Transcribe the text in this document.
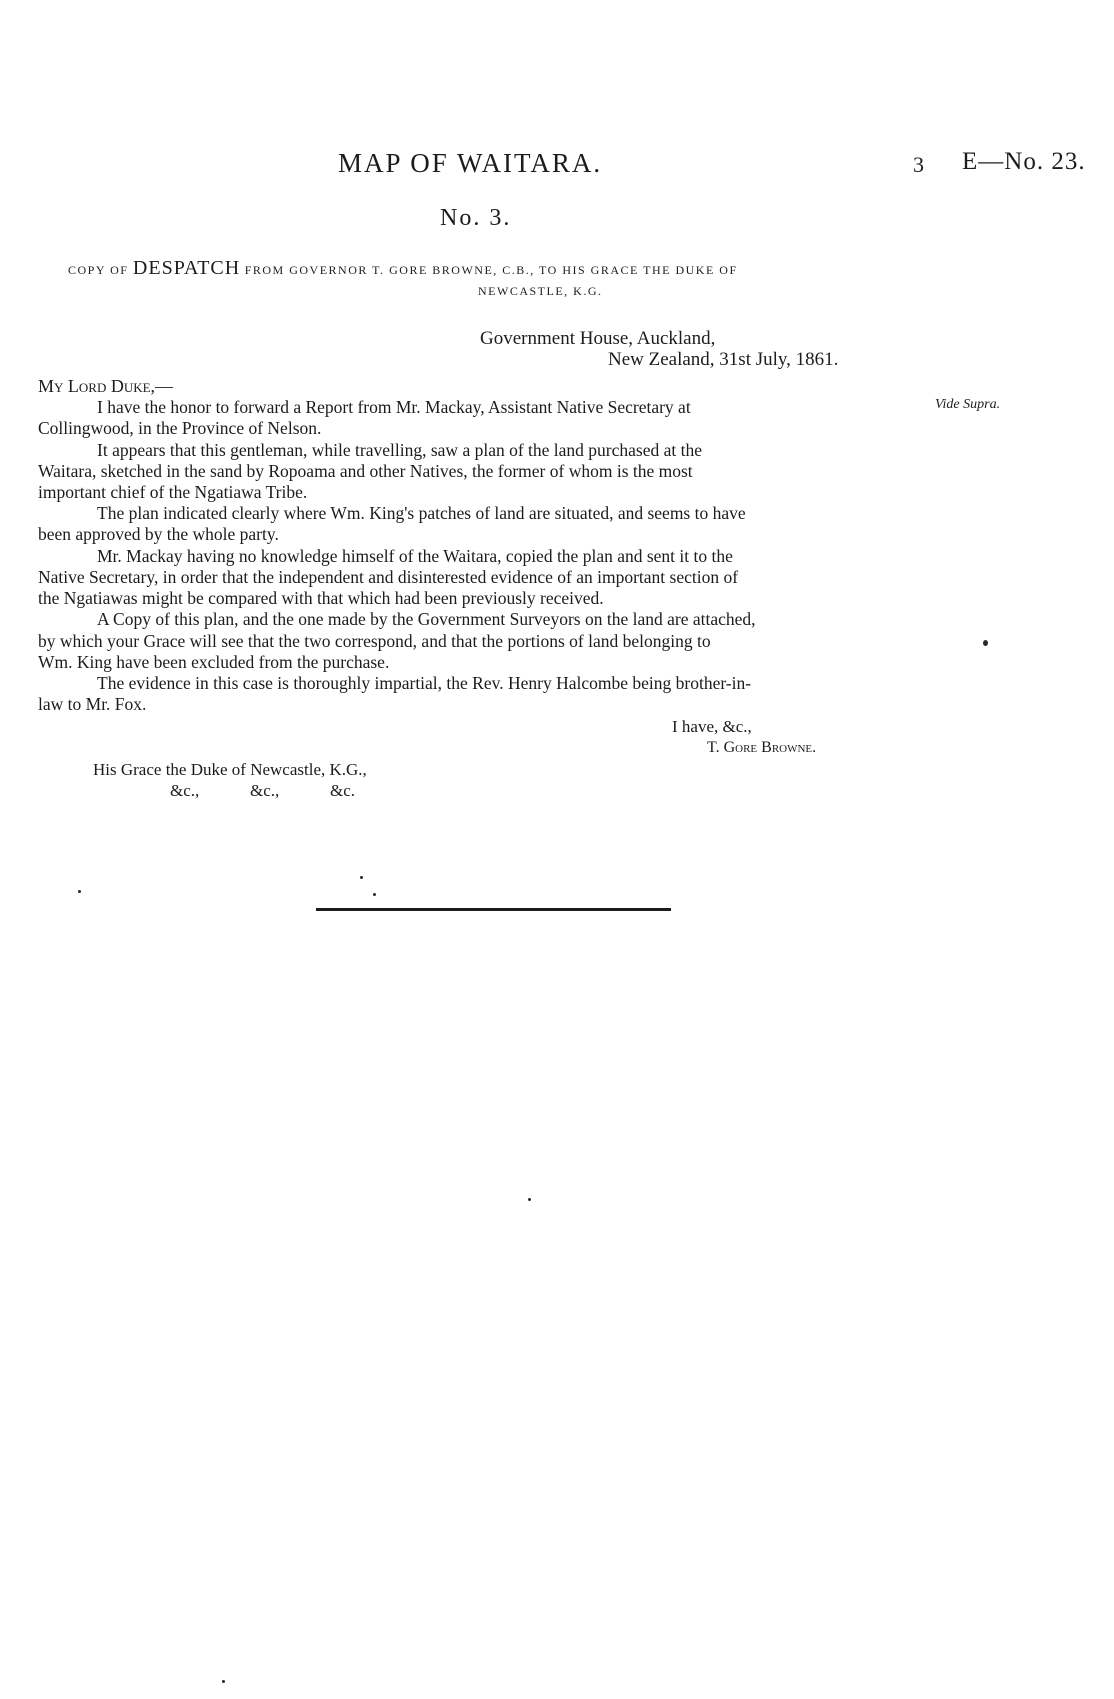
MAP OF WAITARA.	3 E—No. 23.
No. 3.
COPY OF DESPATCH FROM GOVERNOR T. GORE BROWNE, C.B., TO HIS GRACE THE DUKE OF
NEWCASTLE, K.G.
Government House, Auckland,
New Zealand, 31st July, 1861.
My Lord Duke,—
Vide Supra.
I have the honor to forward a Report from Mr. Mackay, Assistant Native Secretary at
Collingwood, in the Province of Nelson.
It appears that this gentleman, while travelling, saw a plan of the land purchased at the
Waitara, sketched in the sand by Ropoama and other Natives, the former of whom is the most
important chief of the Ngatiawa Tribe.
The plan indicated clearly where Wm. King's patches of land are situated, and seems to have
been approved by the whole party.
Mr. Mackay having no knowledge himself of the Waitara, copied the plan and sent it to the
Native Secretary, in order that the independent and disinterested evidence of an important section of
the Ngatiawas might be compared with that which had been previously received.
A Copy of this plan, and the one made by the Government Surveyors on the land are attached,
by which your Grace will see that the two correspond, and that the portions of land belonging to
Wm. King have been excluded from the purchase.
The evidence in this case is thoroughly impartial, the Rev. Henry Halcombe being brother-in-
law to Mr. Fox.
I have, &c.,
T. Gore Browne.
His Grace the Duke of Newcastle, K.G.,
&c.,	&c.,	&c.
